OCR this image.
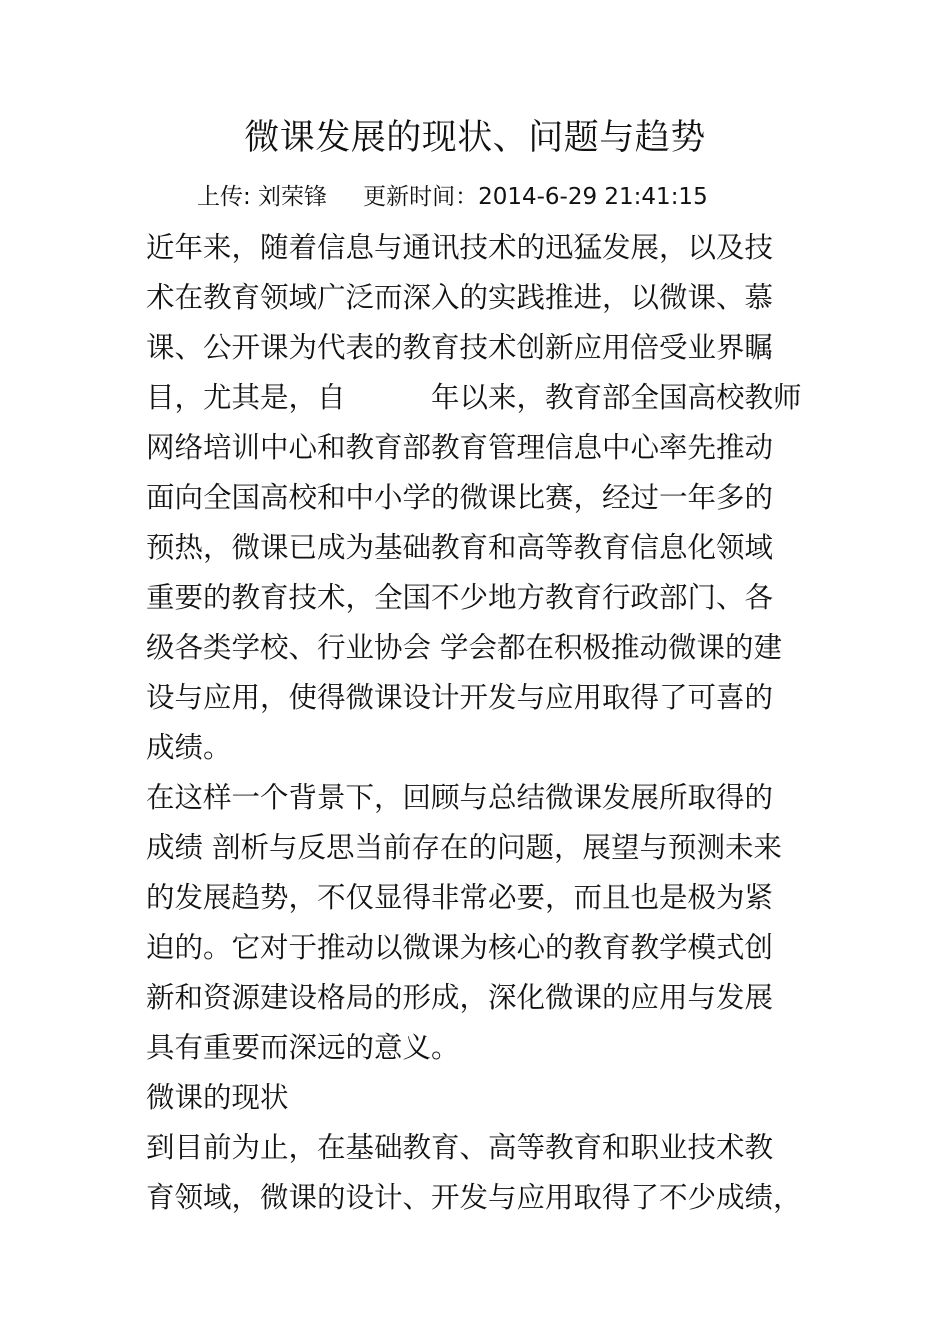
微课发展的现状、问题与趋势
上传: 刘荣锋 更新时间：2014-6-29 21:41:15
近年来，随着信息与通讯技术的迅猛发展，以及技
术在教育领域广泛而深入的实践推进，以微课、慕
课、公开课为代表的教育技术创新应用倍受业界瞩
目，尤其是，自　　　年以来，教育部全国高校教师
网络培训中心和教育部教育管理信息中心率先推动
面向全国高校和中小学的微课比赛，经过一年多的
预热，微课已成为基础教育和高等教育信息化领域
重要的教育技术，全国不少地方教育行政部门、各
级各类学校、行业协会 学会都在积极推动微课的建
设与应用，使得微课设计开发与应用取得了可喜的
成绩。
在这样一个背景下，回顾与总结微课发展所取得的
成绩 剖析与反思当前存在的问题，展望与预测未来
的发展趋势，不仅显得非常必要，而且也是极为紧
迫的。它对于推动以微课为核心的教育教学模式创
新和资源建设格局的形成，深化微课的应用与发展
具有重要而深远的意义。
微课的现状
到目前为止，在基础教育、高等教育和职业技术教
育领域，微课的设计、开发与应用取得了不少成绩，
